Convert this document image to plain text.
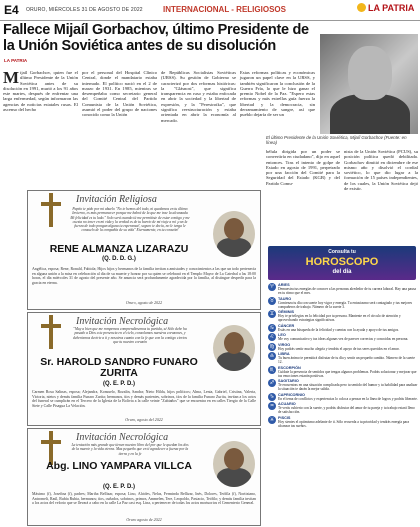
E4 ORURO, MIÉRCOLES 31 DE AGOSTO DE 2022	INTERNACIONAL - RELIGIOSOS	LA PATRIA
Fallece Mijaíl Gorbachov, último Presidente de la Unión Soviética antes de su disolución
LA PATRIA
Mijaíl Gorbachov, quien fue el último Presidente de la Unión Soviética antes de su disolución en 1991, murió a los 91 años este martes, después de enfrentar una larga enfermedad, según informaron las agencias de noticias estatales rusas. El ascenso del hecho
por el personal del Hospital Clínico Central, donde el mandatario estaba internado. El político nació en el 2 de marzo de 1931. En 1985, mientras se desempeñaba como secretario general del Comité Central del Partido Comunista de la Unión Soviética, asumió el poder del grupo de naciones conocido como la Unión
de Repúblicas Socialistas Soviéticas (URSS). Su gestión de Gobierno se caracterizó por dos reformas históricas: la "Glásnost", que significa transparencia en ruso y estaba enfocada en abrir la sociedad y la libertad de expresión, y la "Perestroika", que significa reestructuración y estaba orientada en abrir la economía al mercado.
Estas reformas políticas y económicas jugaron un papel clave en la URSS, y también significaron la conclusión de la Guerra Fría, lo que le hizo ganar el premio Nobel de la Paz. "Espero estas reformas y más estrellas guía fuerza la libertad y la democracia, sin derramamiento de sangre, así que pueblo dejaría de ser un
El último Presidente de la Unión Soviética, Mijaíl Gorbachov (Fuente: en línea)
bélula dirigida por un poder se convertiría en ciudadano", dijo en aquel entonces. Tras el intento de golpe de Estado en agosto de 1991, perpetrado por una facción del Comité para la Seguridad del Estado (KGB) y del Partido Comu-
nista de la Unión Soviética (PCUS), su posición política quedó debilitada. Gorbachov dimitió en diciembre de ese mismo año y disolvió el cordial soviético, lo que dio lugar a la formación de 15 países independientes, de los cuales, la Unión Soviética dejó de existir.
Invitación Religiosa
Papito te pido por mi abuelo "No te hemos del todo, ni quedamos en tu último Invierno, es más permanecer porque me habrá de la que me trae la alcanzada Mi felicidad es tu lado." Solo será cuando tú me permitiste de estar contigo y me cuesta no tener en mi vida y la verdad es de tu barrio de mi viaje a mí ¡con la fuerza de todo pongan alguna tu esperanza!, seguro te decía, no le tenga le consuelo de la compañía de su vida" Eternamente, en tu corazón!
RENE ALMANZA LIZARAZU
(Q. D. D. G.)
Angélica, esposa; Rene, Ronald, Fabiola; Hijos hijos y hermanos de la familia invitan a amistades y conocimientos a las que un todo pertenecía en alguna unión a la misa en celebración al dia de su muerte y honrar por su quien se celebrará en el Templo Mayor de La Catedral a las 18:00 horas, el día miércoles 31 de agosto del presente año. Se anuncia será profundamente agradecida por la familia, al distingue despedir para la gracia en eterna.
Oruro, agosto de 2022
Invitación Necrológica
"Muy a bien que me rompemos comprendiesemos tu partida, sé Sólo debe ha pasado a Dios a tu presencia en el cielo, consolamos nuestros corazones, y deberiamos decirte a ti y nosotros cuanto con la fe que con la contigo ciertos que tu nuestro corazón
Sr. HAROLD SANDRO FUNARO ZURITA
(Q. E. P. D.)
Carmen Rosa Salinas, esposa; Alejandra, Konsuelo, Rozalin, Sandra; Nieto Hilda, hijos políticos; Alma, Lenia, Gabriel, Cristina, Valeria, Victoria, nietos y demás familia Funaro Zurita; hermanos, tíos y demás parientes, sobrinos, tíos de la familia Funaro Zurita, invitan a los actos del funeral se cumplirán en el Tercero de la Iglesia de la Bolivia a la calle veinte "Zubiaños" que se encuentra en en calles Tiergio de la Calle Siete y Calle Pisagua La Velación.
Oruro, agosto del 2022
Invitación Necrológica
La tentación más grande que tienen nuestro libro del por que le quedan los dos de la muerte y la vida eterna. Mas pequeño que en ti agradecer a fuerza por la tierra y en la fe
Abg. LINO YAMPARA VILLCA
(Q. E. P. D.)
Máximo (f), Josefina (f), padres; Martha Bellizar, esposa; Lino, Alcides, Nelas, Ferminda Bellizar, Inés, Dolores, Teófila (f), Nortiziano, Antromeli, Raúl, Rubía Rubia, hermanos; tíos, cuñados, sobrinos, primos, Ammelen, Tere, Leopoldo, Pastacio, Teófilo; y demás familia invitan a los actos del velorio que se llevará a cabo en la calle La Paz casi esq. Lina, a pertenecer de todas los actos mortuorios el Cementerio General.
Oruro agosto de 2022
Consulta tu
HOROSCOPO
del día
♈ ARIES
Demuestra tus energías de conocer a las personas alrededor de tu carrera laboral. Hay una pausa en tu ritmo que el mes.
♉ TAURO
Comienza tu día con suerte hoy vigor y energía. Tu entusiasmo será contagiado y tus mejores compañeros de trabajo. Número de la suerte 3.
♊ GÉMINIS
Hoy te privilegios en la felicidad por tu persona. Mantente en el círculo de atención y aprovechando estrategias significativas.
♋ CÁNCER
Estás en una búsqueda de la felicidad y cuentas con la ayuda y apoyo de tus amigos.
♌ LEO
Me voy comunicativo y tus ideas algunas vez de parecer correctas y conocidas en persona.
♍ VIRGO
Hoy podrás sentir mucho alegría y tendrás el apoyo de tus seres queridos en el amor.
♎ LIBRA
Tu buen ánimo te permitirá disfrutar de tu día y sentir un pequeño cambio. Número de la suerte 12.
♏ ESCORPIÓN
Cuídate la presencia de sentidos que tengas algunos problemas. Podrás solucionar y mejorar que tus emociones estarán positivas.
♐ SAGITARIO
Te encuentras en una situación complicada pero tu sentido del humor y tu habilidad para analizar la situación te darán la mejor salida.
♑ CAPRICORNIO
En el tema de conflictos y experiencias lo coloca a pensar en la línea de logros y podrás liberarte.
♒ ACUARIO
Te verás cubierto con la suerte, y podrás disfrutar del amor de tu pareja y tu trabajo estará lleno de satisfacción.
♓ PISCIS
Hoy sientes el optimismo adelante de ti. Sólo recuerda a tu prioridad y tendrás energía para alcanzar tus sueños.
